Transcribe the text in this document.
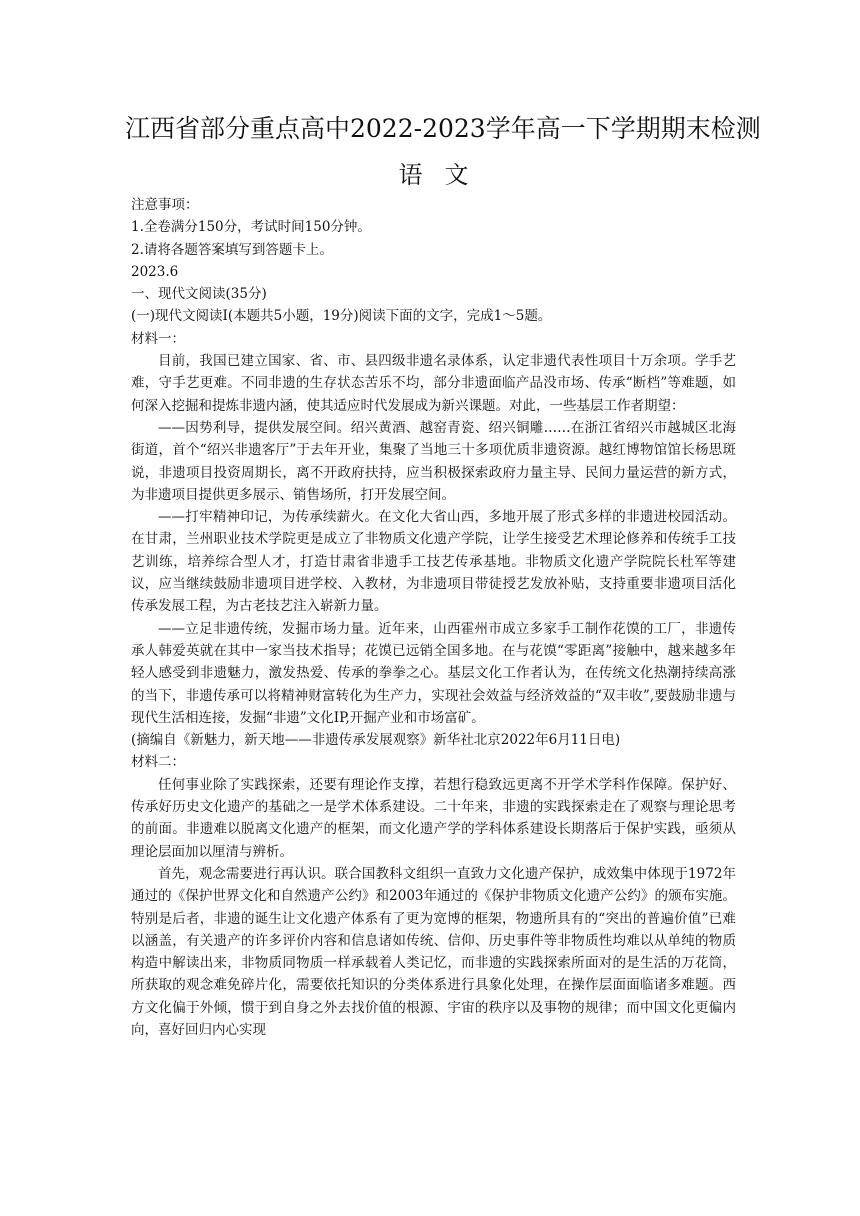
江西省部分重点高中2022-2023学年高一下学期期末检测
语文

注意事项：

1.全卷满分150分，考试时间150分钟。

2.请将各题答案填写到答题卡上。

2023.6

一、现代文阅读(35分)

(一)现代文阅读I(本题共5小题，19分)阅读下面的文字，完成1～5题。

材料一：

目前，我国已建立国家、省、市、县四级非遗名录体系，认定非遗代表性项目十万余项。学手艺难，守手艺更难。不同非遗的生存状态苦乐不均，部分非遗面临产品没市场、传承“断档”等难题，如何深入挖掘和提炼非遗内涵，使其适应时代发展成为新兴课题。对此，一些基层工作者期望：

——因势利导，提供发展空间。绍兴黄酒、越窑青瓷、绍兴铜雕……在浙江省绍兴市越城区北海街道，首个“绍兴非遗客厅”于去年开业，集聚了当地三十多项优质非遗资源。越红博物馆馆长杨思斑说，非遗项目投资周期长，离不开政府扶持，应当积极探索政府力量主导、民间力量运营的新方式，为非遗项目提供更多展示、销售场所，打开发展空间。

——打牢精神印记，为传承续薪火。在文化大省山西，多地开展了形式多样的非遗进校园活动。在甘肃，兰州职业技术学院更是成立了非物质文化遗产学院，让学生接受艺术理论修养和传统手工技艺训练，培养综合型人才，打造甘肃省非遗手工技艺传承基地。非物质文化遗产学院院长杜军等建议，应当继续鼓励非遗项目进学校、入教材，为非遗项目带徒授艺发放补贴，支持重要非遗项目活化传承发展工程，为古老技艺注入崭新力量。

——立足非遗传统，发掘市场力量。近年来，山西霍州市成立多家手工制作花馍的工厂，非遗传承人韩爱英就在其中一家当技术指导；花馍已远销全国多地。在与花馍“零距离”接触中，越来越多年轻人感受到非遗魅力，激发热爱、传承的拳拳之心。基层文化工作者认为，在传统文化热潮持续高涨的当下，非遗传承可以将精神财富转化为生产力，实现社会效益与经济效益的“双丰收”,要鼓励非遗与现代生活相连接，发掘“非遗”文化IP,开掘产业和市场富矿。

(摘编自《新魅力，新天地——非遗传承发展观察》新华社北京2022年6月11日电)

材料二：

任何事业除了实践探索，还要有理论作支撑，若想行稳致远更离不开学术学科作保障。保护好、传承好历史文化遗产的基础之一是学术体系建设。二十年来，非遗的实践探索走在了观察与理论思考的前面。非遗难以脱离文化遗产的框架，而文化遗产学的学科体系建设长期落后于保护实践，亟须从理论层面加以厘清与辨析。

首先，观念需要进行再认识。联合国教科文组织一直致力文化遗产保护，成效集中体现于1972年通过的《保护世界文化和自然遗产公约》和2003年通过的《保护非物质文化遗产公约》的颁布实施。特别是后者，非遗的诞生让文化遗产体系有了更为宽博的框架，物遗所具有的“突出的普遍价值”已难以涵盖，有关遗产的许多评价内容和信息诸如传统、信仰、历史事件等非物质性均难以从单纯的物质构造中解读出来，非物质同物质一样承载着人类记忆，而非遗的实践探索所面对的是生活的万花筒，所获取的观念难免碎片化，需要依托知识的分类体系进行具象化处理，在操作层面面临诸多难题。西方文化偏于外倾，惯于到自身之外去找价值的根源、宇宙的秩序以及事物的规律；而中国文化更偏内向，喜好回归内心实现
